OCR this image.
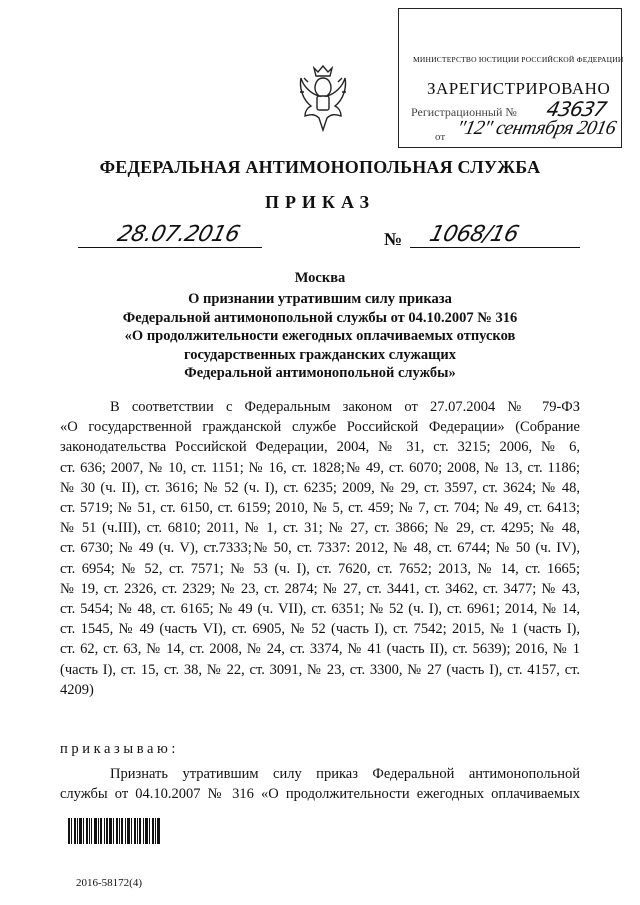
МИНИСТЕРСТВО ЮСТИЦИИ РОССИЙСКОЙ ФЕДЕРАЦИИ
ЗАРЕГИСТРИРОВАНО
Регистрационный № 43637
от "12" сентября 2016
ФЕДЕРАЛЬНАЯ АНТИМОНОПОЛЬНАЯ СЛУЖБА
ПРИКАЗ
28.07.2016	№ 1068/16
Москва
О признании утратившим силу приказа
Федеральной антимонопольной службы от 04.10.2007 № 316
«О продолжительности ежегодных оплачиваемых отпусков
государственных гражданских служащих
Федеральной антимонопольной службы»
В соответствии с Федеральным законом от 27.07.2004 № 79-ФЗ
«О государственной гражданской службе Российской Федерации» (Собрание
законодательства Российской Федерации, 2004, № 31, ст. 3215; 2006, № 6,
ст. 636; 2007, № 10, ст. 1151; № 16, ст. 1828;№ 49, ст. 6070; 2008, № 13, ст. 1186;
№ 30 (ч. II), ст. 3616; № 52 (ч. I), ст. 6235; 2009, № 29, ст. 3597, ст. 3624; № 48,
ст. 5719; № 51, ст. 6150, ст. 6159; 2010, № 5, ст. 459; № 7, ст. 704; № 49, ст. 6413;
№ 51 (ч.III), ст. 6810; 2011, № 1, ст. 31; № 27, ст. 3866; № 29, ст. 4295; № 48,
ст. 6730; № 49 (ч. V), ст.7333;№ 50, ст. 7337: 2012, № 48, ст. 6744; № 50 (ч. IV),
ст. 6954; № 52, ст. 7571; № 53 (ч. I), ст. 7620, ст. 7652; 2013, № 14, ст. 1665;
№ 19, ст. 2326, ст. 2329; № 23, ст. 2874; № 27, ст. 3441, ст. 3462, ст. 3477; № 43,
ст. 5454; № 48, ст. 6165; № 49 (ч. VII), ст. 6351; № 52 (ч. I), ст. 6961; 2014, № 14,
ст. 1545, № 49 (часть VI), ст. 6905, № 52 (часть I), ст. 7542; 2015, № 1 (часть I),
ст. 62, ст. 63, № 14, ст. 2008, № 24, ст. 3374, № 41 (часть II), ст. 5639); 2016, № 1
(часть I), ст. 15, ст. 38, № 22, ст. 3091, № 23, ст. 3300, № 27 (часть I), ст. 4157, ст.
4209)
приказываю:
Признать утратившим силу приказ Федеральной антимонопольной
службы от 04.10.2007 № 316 «О продолжительности ежегодных оплачиваемых
2016-58172(4)
